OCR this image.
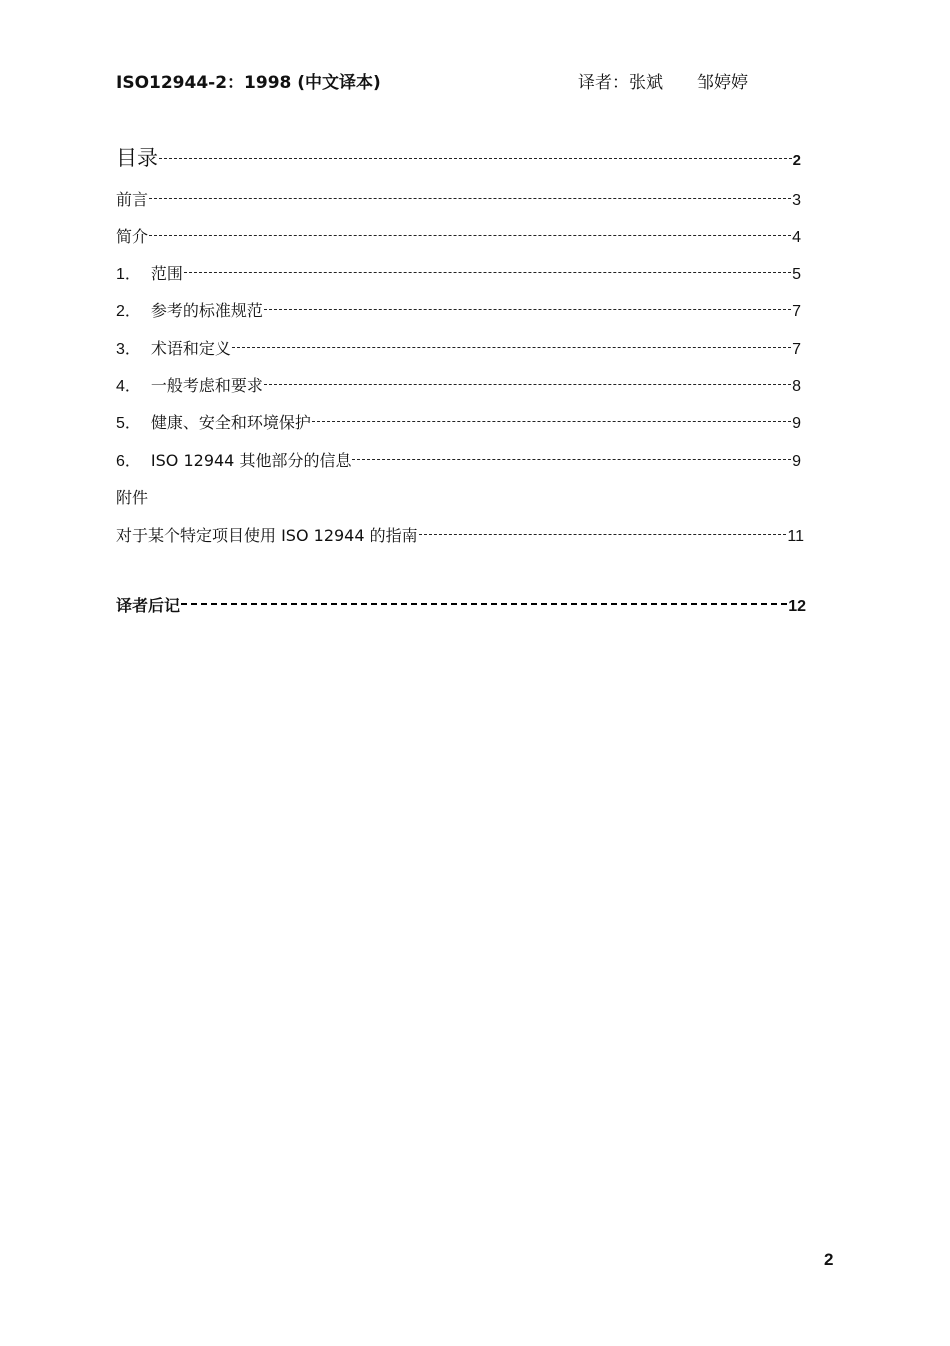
ISO12944-2：1998 (中文译本)	译者：张斌 邹婷婷
目录	2
前言	3
简介	4
1． 范围	5
2． 参考的标准规范	7
3． 术语和定义	7
4． 一般考虑和要求	8
5． 健康、安全和环境保护	9
6． ISO 12944 其他部分的信息	9
附件
对于某个特定项目使用 ISO 12944 的指南	11
译者后记	12
2
